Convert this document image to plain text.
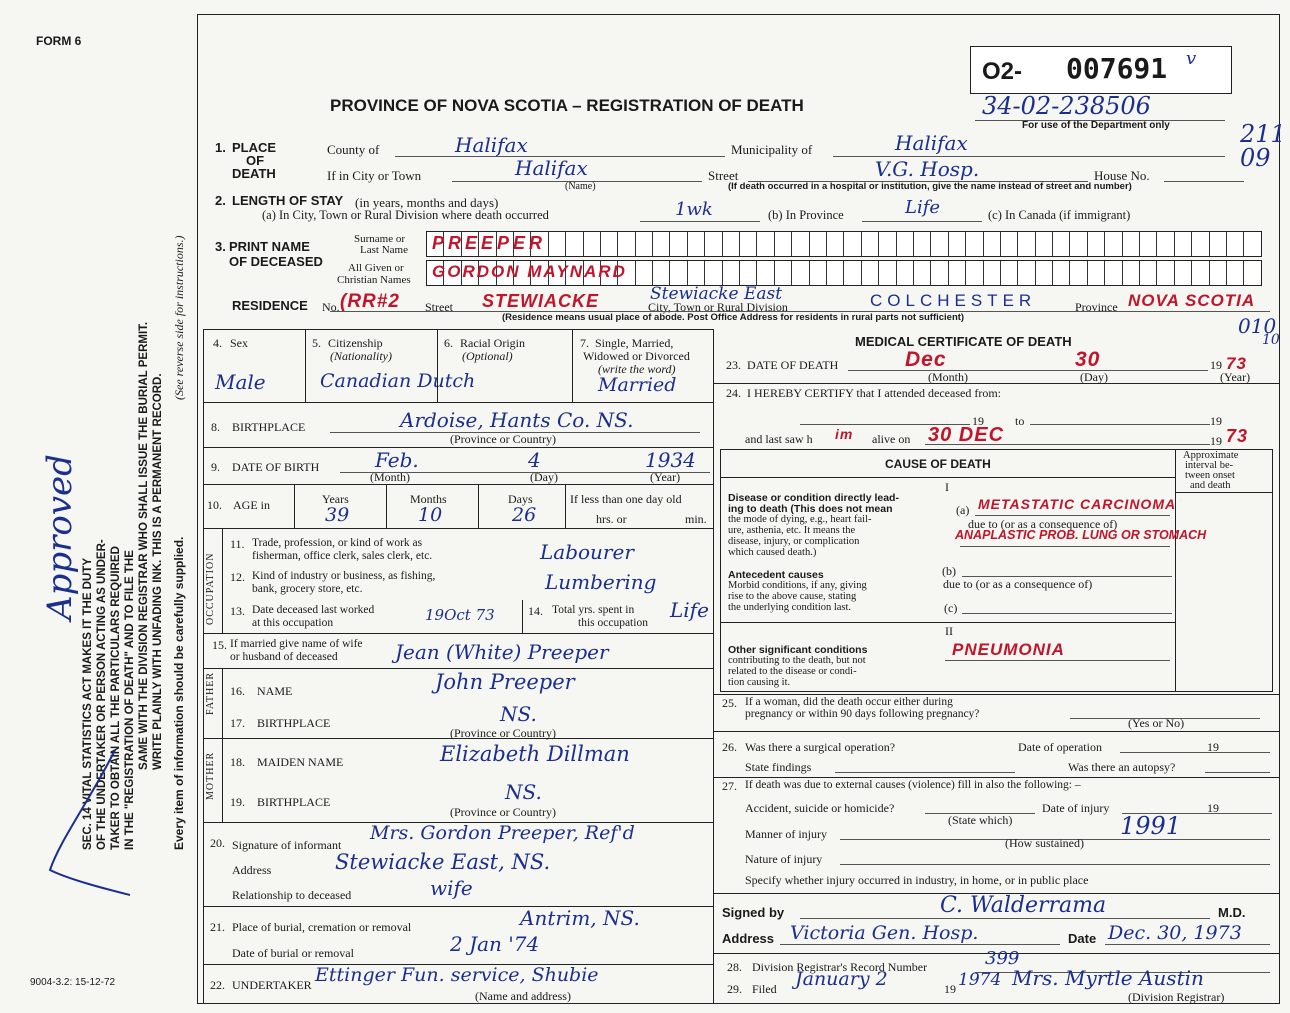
FORM 6
9004-3.2: 15-12-72
SEC. 14 VITAL STATISTICS ACT MAKES IT THE DUTY OF THE UNDERTAKER OR PERSON ACTING AS UNDER- TAKER TO OBTAIN ALL THE PARTICULARS REQUIRED IN THE "REGISTRATION OF DEATH" AND TO FILE THE SAME WITH THE DIVISION REGISTRAR WHO SHALL ISSUE THE BURIAL PERMIT. WRITE PLAINLY WITH UNFADING INK. THIS IS A PERMANENT RECORD. Every item of information should be carefully supplied.
(See reverse side for instructions.)
Approved
PROVINCE OF NOVA SCOTIA – REGISTRATION OF DEATH
O2- 007691 v
34-02-238506
For use of the Department only	211
09
1. PLACE
OF
DEATH
County of	Halifax	Municipality of	Halifax
If in City or Town	Halifax
(Name)
Street	V.G. Hosp.	House No.
(If death occurred in a hospital or institution, give the name instead of street and number)
2. LENGTH OF STAY (in years, months and days)
(a) In City, Town or Rural Division where death occurred	1wk	(b) In Province	Life	(c) In Canada (if immigrant)
3. PRINT NAME
OF DECEASED
Surname or
Last Name PREEPER
All Given or
Christian Names GORDON MAYNARD
RESIDENCE No. (RR#2 Street STEWIACKE	Stewiacke East
City, Town or Rural Division	COLCHESTER	Province NOVA SCOTIA
(Residence means usual place of abode. Post Office Address for residents in rural parts not sufficient)	010
10
4. Sex
Male
5. Citizenship
(Nationality)
Canadian Dutch
6. Racial Origin
(Optional)
7. Single, Married,
Widowed or Divorced
(write the word)
Married
8. BIRTHPLACE	Ardoise, Hants Co. NS.
(Province or Country)
9. DATE OF BIRTH	Feb.	4	1934
(Month)	(Day)	(Year)
10. AGE in	Years	Months	Days	If less than one day old
hrs. or	min.
39	10	26
OCCUPATION
11. Trade, profession, or kind of work as
fisherman, office clerk, sales clerk, etc.	Labourer
12. Kind of industry or business, as fishing,
bank, grocery store, etc.	Lumbering
13. Date deceased last worked
at this occupation	19Oct 73	14. Total yrs. spent in
this occupation
Life
15. If married give name of wife
or husband of deceased	Jean (White) Preeper
FATHER 16. NAME	John Preeper
17. BIRTHPLACE	NS.
(Province or Country)
MOTHER 18. MAIDEN NAME	Elizabeth Dillman
19. BIRTHPLACE	NS.
(Province or Country)
20. Signature of informant
Mrs. Gordon Preeper, Ref'd
Address	Stewiacke East, NS.
Relationship to deceased	wife
21. Place of burial, cremation or removal	Antrim, NS.
Date of burial or removal	2 Jan '74
22. UNDERTAKER Ettinger Fun. service, Shubie
(Name and address)
MEDICAL CERTIFICATE OF DEATH
23. DATE OF DEATH	Dec	30	19 73
(Month)	(Day)	(Year)
24. I HEREBY CERTIFY that I attended deceased from:
19	to	19
and last saw h im alive on 30 DEC	19 73
CAUSE OF DEATH
Approximate
interval be-
tween onset
and death
I
Disease or condition directly lead-
ing to death (This does not mean
the mode of dying, e.g., heart fail-
ure, asthenia, etc. It means the
disease, injury, or complication
which caused death.)
(a) METASTATIC CARCINOMA
due to (or as a consequence of)
ANAPLASTIC PROB. LUNG OR STOMACH
Antecedent causes
Morbid conditions, if any, giving
rise to the above cause, stating
the underlying condition last.
(b)
due to (or as a consequence of)
(c)
II
Other significant conditions
contributing to the death, but not
related to the disease or condi-
tion causing it.
PNEUMONIA
25. If a woman, did the death occur either during
pregnancy or within 90 days following pregnancy?
(Yes or No)
26. Was there a surgical operation?	Date of operation	19
State findings	Was there an autopsy?
27. If death was due to external causes (violence) fill in also the following: –
Accident, suicide or homicide?	Date of injury	19
(State which)
Manner of injury	1991
(How sustained)
Nature of injury
Specify whether injury occurred in industry, in home, or in public place
Signed by	C. Walderrama	M.D.
Address Victoria Gen. Hosp.	Date Dec. 30, 1973
28. Division Registrar's Record Number	399
29. Filed January 2	19 1974 Mrs. Myrtle Austin
(Division Registrar)
